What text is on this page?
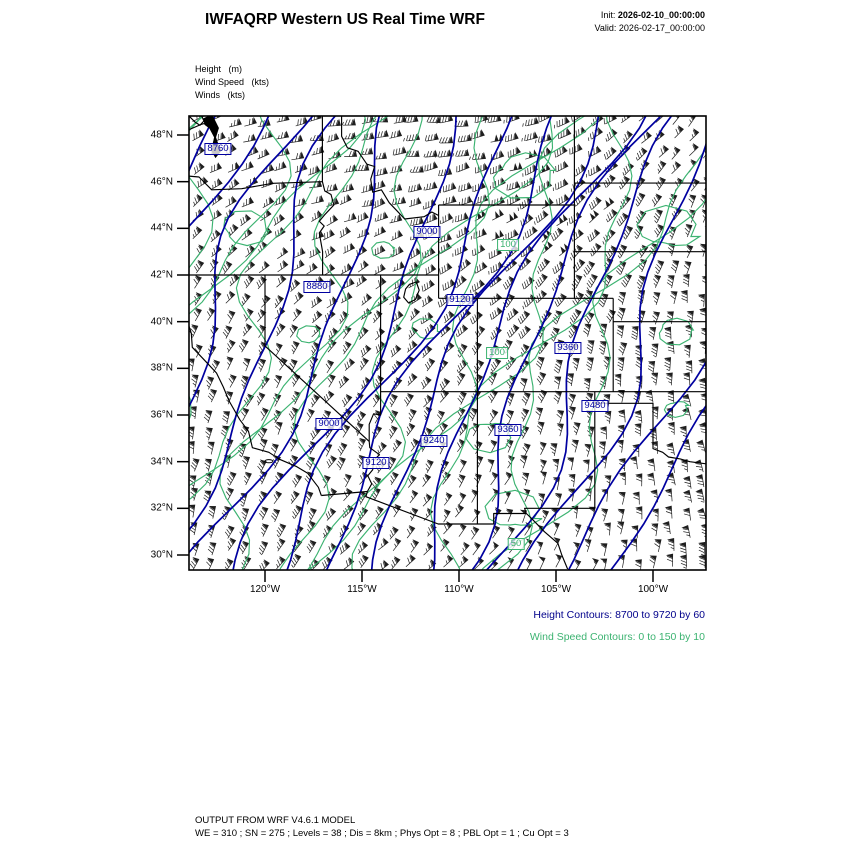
IWFAQRP Western US Real Time WRF	Init: 2026-02-10_00:00:00
Valid: 2026-02-17_00:00:00
Height   (m)
Wind Speed   (kts)
Winds   (kts)
Height Contours: 8700 to 9720 by 60
Wind Speed Contours: 0 to 150 by 10
OUTPUT FROM WRF V4.6.1 MODEL
WE = 310 ; SN = 275 ; Levels = 38 ; Dis = 8km ; Phys Opt = 8 ; PBL Opt = 1 ; Cu Opt = 3
48°N
46°N
44°N
42°N
40°N
38°N
36°N
34°N
32°N
30°N
120°W	115°W	110°W	105°W	100°W
8760
8880
9000
9000
9120
9120
9240
9360
9360
9480
100
100
50
